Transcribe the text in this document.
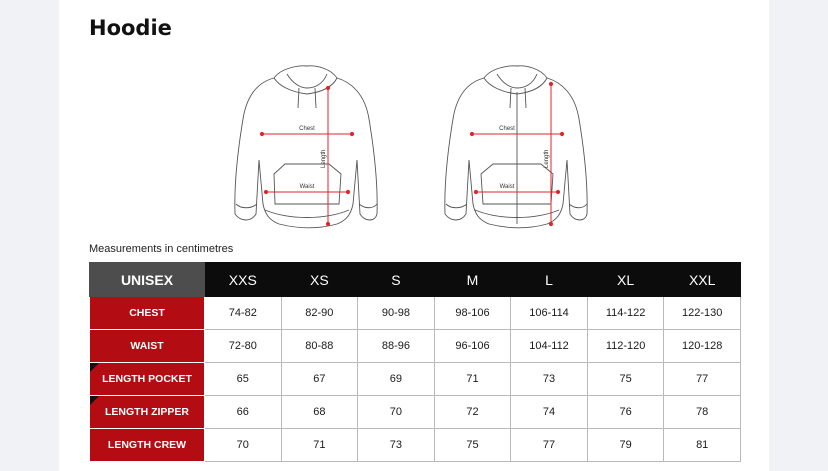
Hoodie
Chest
Waist
Length
Chest
Waist
Length
Measurements in centimetres
UNISEX	XXS	XS	S	M	L	XL	XXL
CHEST	74-82	82-90	90-98	98-106	106-114	114-122	122-130
WAIST	72-80	80-88	88-96	96-106	104-112	112-120	120-128
LENGTH POCKET	65	67	69	71	73	75	77
LENGTH ZIPPER	66	68	70	72	74	76	78
LENGTH CREW	70	71	73	75	77	79	81
